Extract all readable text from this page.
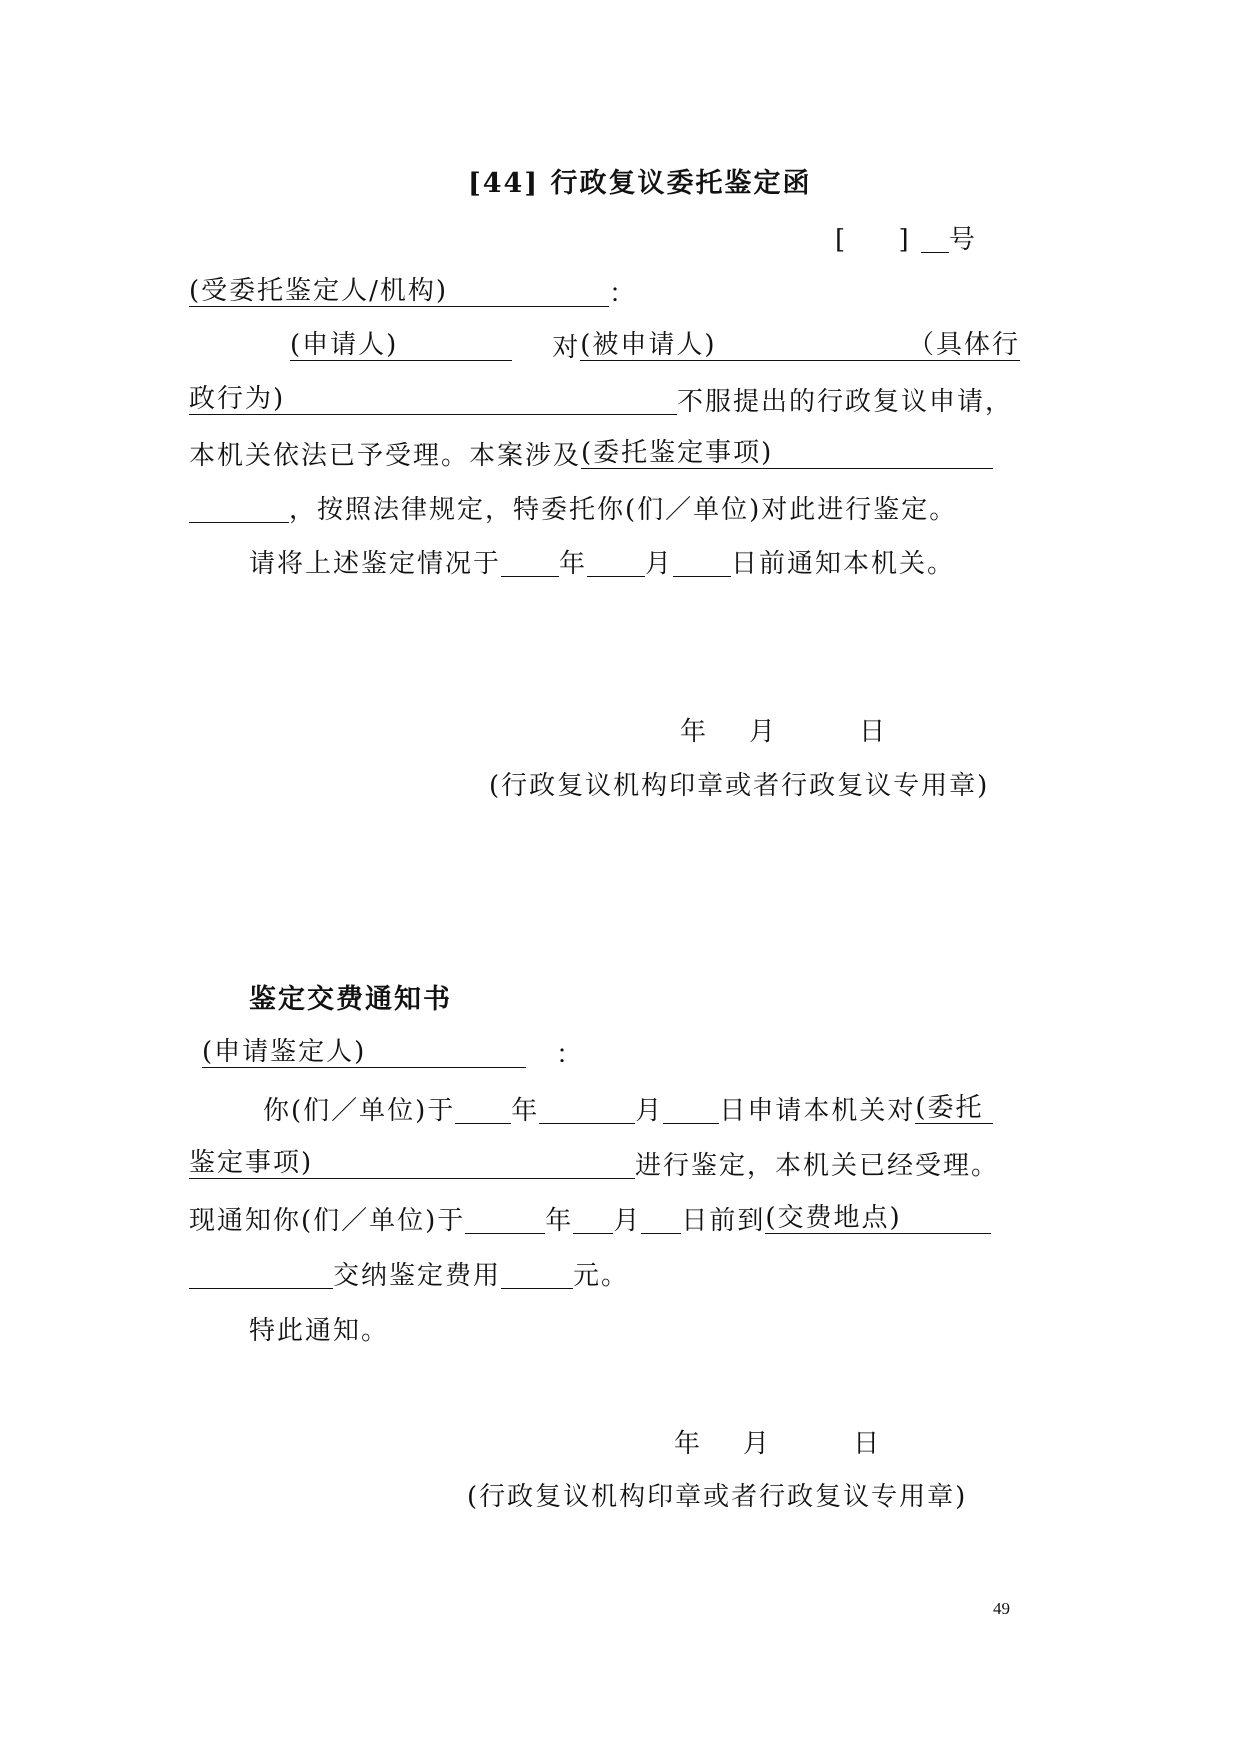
[44] 行政复议委托鉴定函
[     ] 号
(受委托鉴定人/机构)	：
(申请人)	对(被申请人)	（具体行
政行为)	不服提出的行政复议申请，
本机关依法已予受理。本案涉及(委托鉴定事项)
，按照法律规定，特委托你(们／单位)对此进行鉴定。
请将上述鉴定情况于 年 月 日前通知本机关。
年    月        日
(行政复议机构印章或者行政复议专用章)
鉴定交费通知书
(申请鉴定人)	：
你(们／单位)于 年	月 日申请本机关对(委托
鉴定事项)	进行鉴定，本机关已经受理。
现通知你(们／单位)于	年 月 日前到(交费地点)
交纳鉴定费用	元。
特此通知。
年    月        日
(行政复议机构印章或者行政复议专用章)
49
